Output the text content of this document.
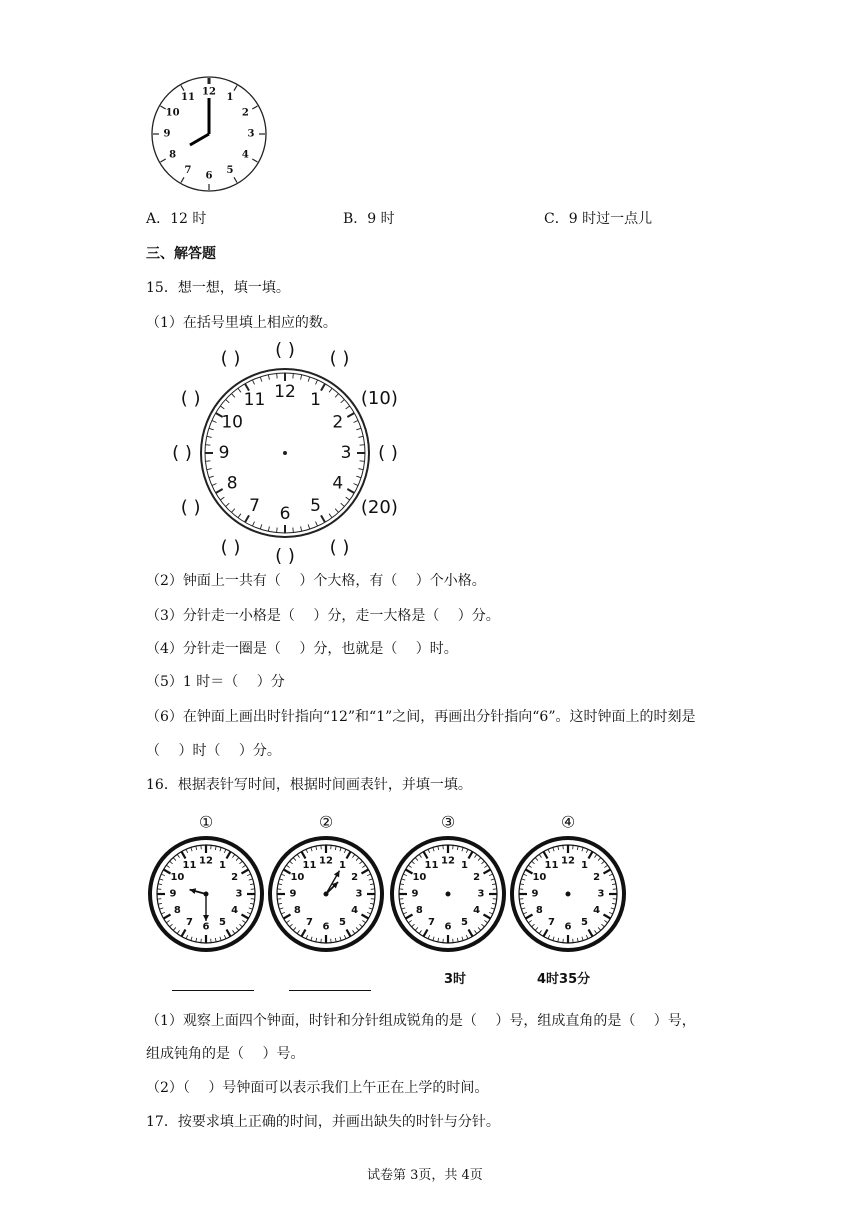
12
1
2
3
4
5
6
7
8
9
10
11
A．12 时	B．9 时	C．9 时过一点儿
三、解答题
15．想一想，填一填。
（1）在括号里填上相应的数。
12 1
2
3
4
5
6
7
8
9
10
11
( ) ( )
(10)
( )
(20)
( )
( )
( )
( )
( )
( )
( )
（2）钟面上一共有（　 ）个大格，有（　 ）个小格。
（3）分针走一小格是（　 ）分，走一大格是（　 ）分。
（4）分针走一圈是（　 ）分，也就是（　 ）时。
（5）1 时＝（　 ）分
（6）在钟面上画出时针指向“12”和“1”之间，再画出分针指向“6”。这时钟面上的时刻是
（　 ）时（　 ）分。
16．根据表针写时间，根据时间画表针，并填一填。
①
12 1
2
3
4
5
6
7
8
9
10
11
②
12 1
2
3
4
5
6
7
8
9
10
11
③
12 1
2
3
4
5
6
7
8
9
10
11
④
12 1
2
3
4
5
6
7
8
9
10
11
3时	4时35分
（1）观察上面四个钟面，时针和分针组成锐角的是（　 ）号，组成直角的是（　 ）号，
组成钝角的是（　 ）号。
（2）（　 ）号钟面可以表示我们上午正在上学的时间。
17．按要求填上正确的时间，并画出缺失的时针与分针。
试卷第 3页，共 4页
